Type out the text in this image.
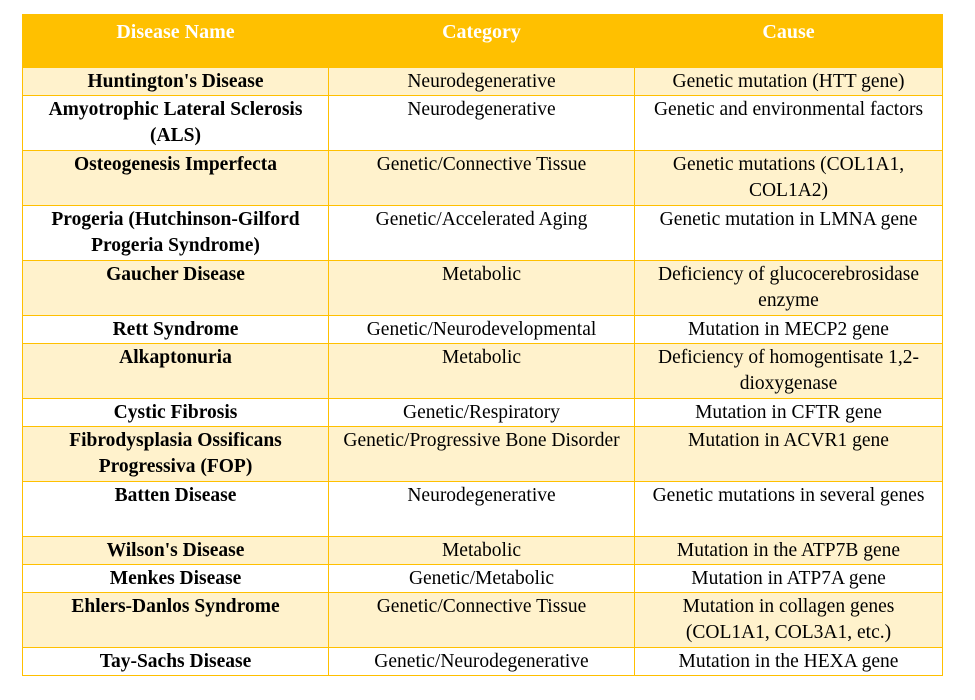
Disease Name	Category	Cause
Huntington's Disease	Neurodegenerative	Genetic mutation (HTT gene)
Amyotrophic Lateral Sclerosis (ALS)	Neurodegenerative	Genetic and environmental factors
Osteogenesis Imperfecta	Genetic/Connective Tissue	Genetic mutations (COL1A1, COL1A2)
Progeria (Hutchinson-Gilford Progeria Syndrome)	Genetic/Accelerated Aging	Genetic mutation in LMNA gene
Gaucher Disease	Metabolic	Deficiency of glucocerebrosidase enzyme
Rett Syndrome	Genetic/Neurodevelopmental	Mutation in MECP2 gene
Alkaptonuria	Metabolic	Deficiency of homogentisate 1,2-dioxygenase
Cystic Fibrosis	Genetic/Respiratory	Mutation in CFTR gene
Fibrodysplasia Ossificans Progressiva (FOP)	Genetic/Progressive Bone Disorder	Mutation in ACVR1 gene
Batten Disease	Neurodegenerative	Genetic mutations in several genes
Wilson's Disease	Metabolic	Mutation in the ATP7B gene
Menkes Disease	Genetic/Metabolic	Mutation in ATP7A gene
Ehlers-Danlos Syndrome	Genetic/Connective Tissue	Mutation in collagen genes (COL1A1, COL3A1, etc.)
Tay-Sachs Disease	Genetic/Neurodegenerative	Mutation in the HEXA gene
